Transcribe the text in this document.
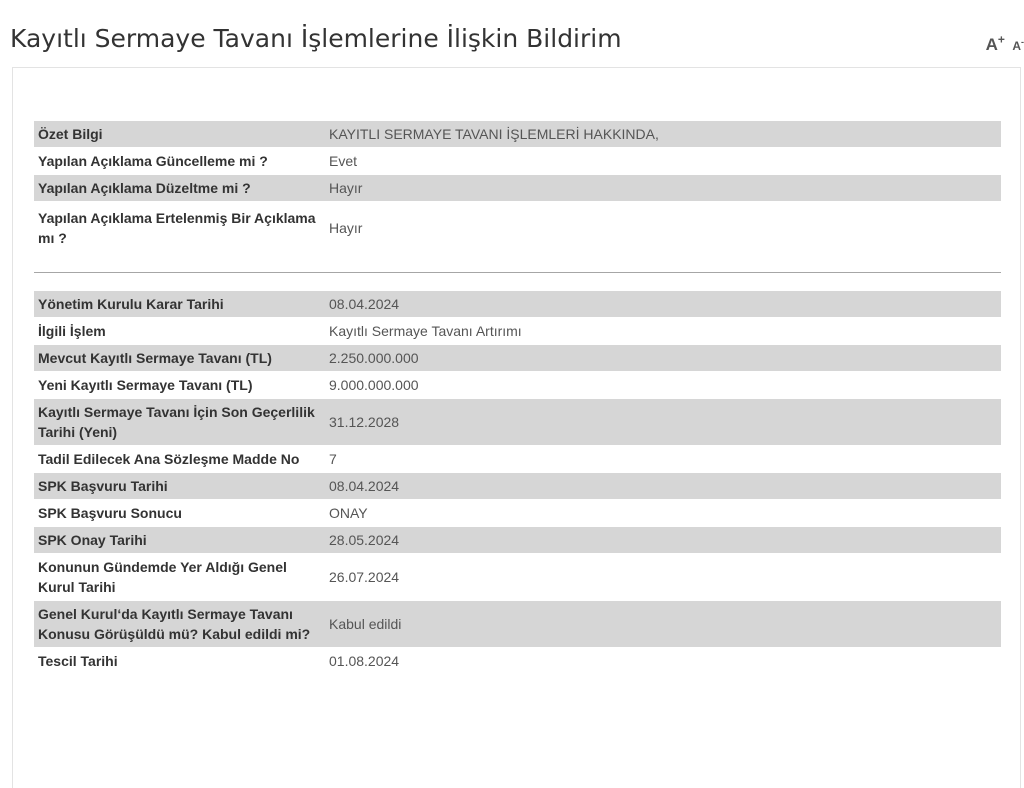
Kayıtlı Sermaye Tavanı İşlemlerine İlişkin Bildirim	A+ A-
Özet Bilgi	KAYITLI SERMAYE TAVANI İŞLEMLERİ HAKKINDA,
Yapılan Açıklama Güncelleme mi ?	Evet
Yapılan Açıklama Düzeltme mi ?	Hayır
Yapılan Açıklama Ertelenmiş Bir Açıklama mı ?	Hayır
Yönetim Kurulu Karar Tarihi	08.04.2024
İlgili İşlem	Kayıtlı Sermaye Tavanı Artırımı
Mevcut Kayıtlı Sermaye Tavanı (TL)	2.250.000.000
Yeni Kayıtlı Sermaye Tavanı (TL)	9.000.000.000
Kayıtlı Sermaye Tavanı İçin Son Geçerlilik Tarihi (Yeni)	31.12.2028
Tadil Edilecek Ana Sözleşme Madde No	7
SPK Başvuru Tarihi	08.04.2024
SPK Başvuru Sonucu	ONAY
SPK Onay Tarihi	28.05.2024
Konunun Gündemde Yer Aldığı Genel Kurul Tarihi	26.07.2024
Genel Kurul‘da Kayıtlı Sermaye Tavanı Konusu Görüşüldü mü? Kabul edildi mi?	Kabul edildi
Tescil Tarihi	01.08.2024
